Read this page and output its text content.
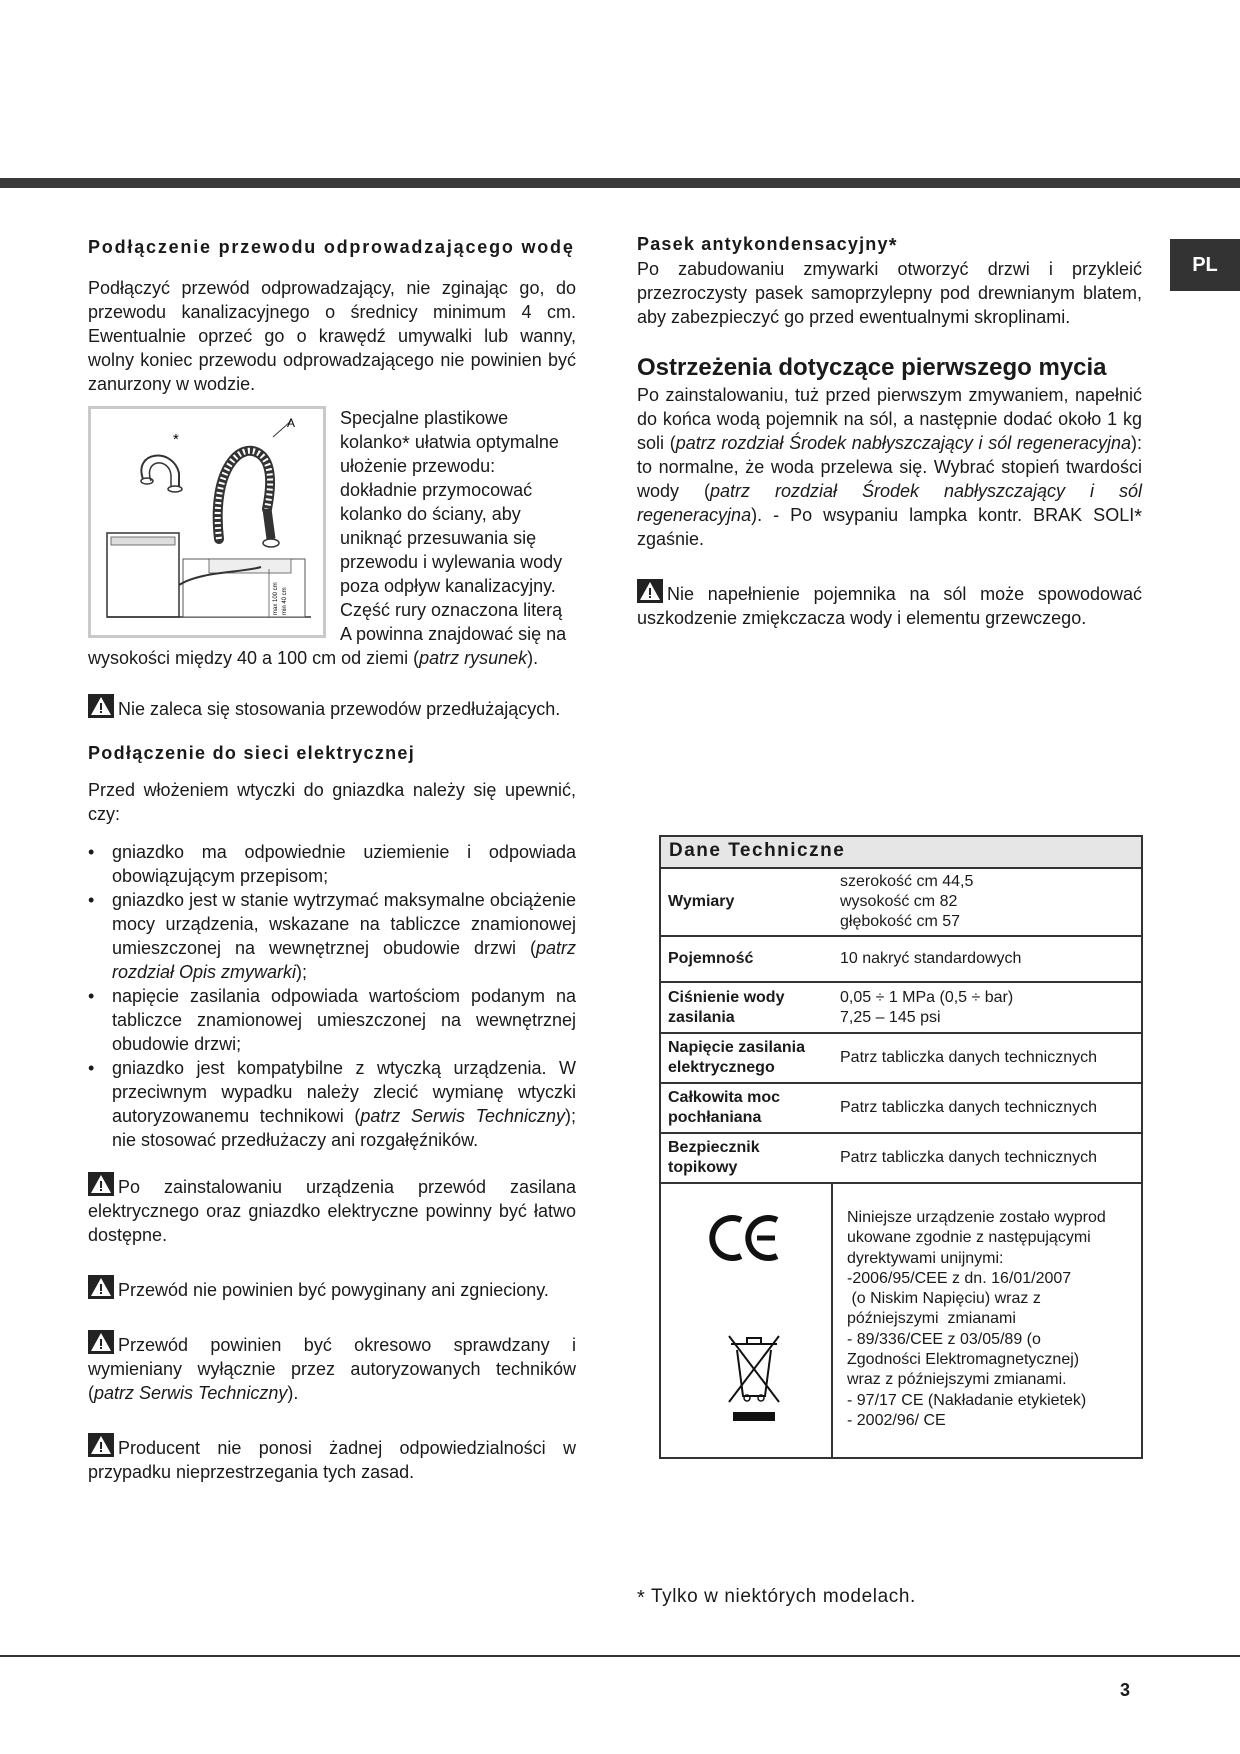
PL
Podłączenie przewodu odprowadzającego wodę

Podłączyć przewód odprowadzający, nie zginając go, do przewodu kanalizacyjnego o średnicy minimum 4 cm. Ewentualnie oprzeć go o krawędź umywalki lub wanny, wolny koniec przewodu odprowadzającego nie powinien być zanurzony w wodzie.

*
A
max 100 cm min 40 cm

Specjalne plastikowe kolanko* ułatwia optymalne ułożenie przewodu: dokładnie przymocować kolanko do ściany, aby uniknąć przesuwania się przewodu i wylewania wody poza odpływ kanalizacyjny. Część rury oznaczona literą A powinna znajdować się na wysokości między 40 a 100 cm od ziemi (patrz rysunek).

Nie zaleca się stosowania przewodów przedłużających.

Podłączenie do sieci elektrycznej

Przed włożeniem wtyczki do gniazdka należy się upewnić, czy:

• gniazdko ma odpowiednie uziemienie i odpowiada obowiązującym przepisom;
• gniazdko jest w stanie wytrzymać maksymalne obciążenie mocy urządzenia, wskazane na tabliczce znamionowej umieszczonej na wewnętrznej obudowie drzwi (patrz rozdział Opis zmywarki);
• napięcie zasilania odpowiada wartościom podanym na tabliczce znamionowej umieszczonej na wewnętrznej obudowie drzwi;
• gniazdko jest kompatybilne z wtyczką urządzenia. W przeciwnym wypadku należy zlecić wymianę wtyczki autoryzowanemu technikowi (patrz Serwis Techniczny); nie stosować przedłużaczy ani rozgałęźników.

Po zainstalowaniu urządzenia przewód zasilana elektrycznego oraz gniazdko elektryczne powinny być łatwo dostępne.

Przewód nie powinien być powyginany ani zgnieciony.

Przewód powinien być okresowo sprawdzany i wymieniany wyłącznie przez autoryzowanych techników (patrz Serwis Techniczny).

Producent nie ponosi żadnej odpowiedzialności w przypadku nieprzestrzegania tych zasad.

Pasek antykondensacyjny*

Po zabudowaniu zmywarki otworzyć drzwi i przykleić przezroczysty pasek samoprzylepny pod drewnianym blatem, aby zabezpieczyć go przed ewentualnymi skroplinami.

Ostrzeżenia dotyczące pierwszego mycia

Po zainstalowaniu, tuż przed pierwszym zmywaniem, napełnić do końca wodą pojemnik na sól, a następnie dodać około 1 kg soli (patrz rozdział Środek nabłyszczający i sól regeneracyjna): to normalne, że woda przelewa się. Wybrać stopień twardości wody (patrz rozdział Środek nabłyszczający i sól regeneracyjna). - Po wsypaniu lampka kontr. BRAK SOLI* zgaśnie.

Nie napełnienie pojemnika na sól może spowodować uszkodzenie zmiękczacza wody i elementu grzewczego.

Dane Techniczne
Wymiary
szerokość cm 44,5
wysokość cm 82
głębokość cm 57
Pojemność	10 nakryć standardowych
Ciśnienie wody zasilania
0,05 ÷ 1 MPa (0,5 ÷ bar)
7,25 – 145 psi
Napięcie zasilania elektrycznego
Patrz tabliczka danych technicznych
Całkowita moc pochłaniana
Patrz tabliczka danych technicznych
Bezpiecznik topikowy
Patrz tabliczka danych technicznych
Niniejsze urządzenie zostało wyprod
ukowane zgodnie z następującymi
dyrektywami unijnymi:
-2006/95/CEE z dn. 16/01/2007
(o Niskim Napięciu) wraz z
późniejszymi  zmianami
- 89/336/CEE z 03/05/89 (o
Zgodności Elektromagnetycznej)
wraz z późniejszymi zmianami.
- 97/17 CE (Nakładanie etykietek)
- 2002/96/ CE
* Tylko w niektórych modelach.
3
